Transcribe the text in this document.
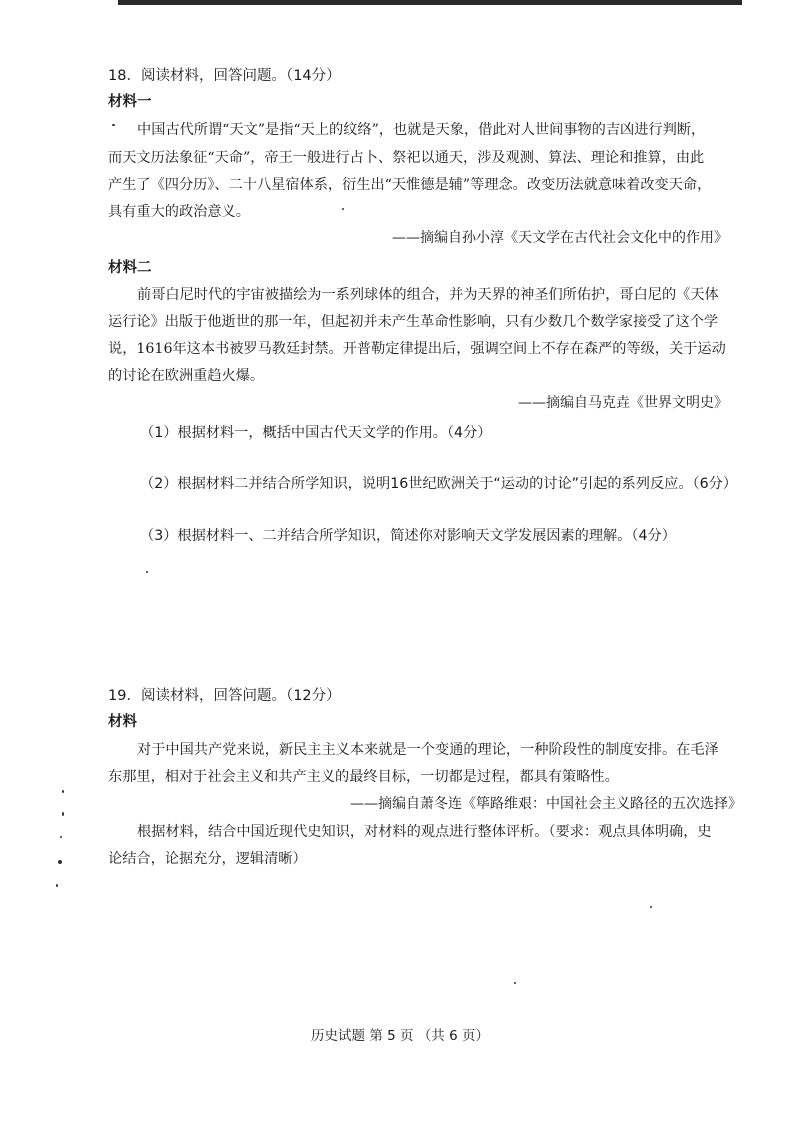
18．阅读材料，回答问题。（14分）
材料一
中国古代所谓“天文”是指“天上的纹络”，也就是天象，借此对人世间事物的吉凶进行判断，
而天文历法象征“天命”，帝王一般进行占卜、祭祀以通天，涉及观测、算法、理论和推算，由此
产生了《四分历》、二十八星宿体系，衍生出“天惟德是辅”等理念。改变历法就意味着改变天命，
具有重大的政治意义。
——摘编自孙小淳《天文学在古代社会文化中的作用》
材料二
前哥白尼时代的宇宙被描绘为一系列球体的组合，并为天界的神圣们所佑护，哥白尼的《天体
运行论》出版于他逝世的那一年，但起初并未产生革命性影响，只有少数几个数学家接受了这个学
说，1616年这本书被罗马教廷封禁。开普勒定律提出后，强调空间上不存在森严的等级，关于运动
的讨论在欧洲重趋火爆。
——摘编自马克垚《世界文明史》
（1）根据材料一，概括中国古代天文学的作用。（4分）
（2）根据材料二并结合所学知识，说明16世纪欧洲关于“运动的讨论”引起的系列反应。（6分）
（3）根据材料一、二并结合所学知识，简述你对影响天文学发展因素的理解。（4分）
19．阅读材料，回答问题。（12分）
材料
对于中国共产党来说，新民主主义本来就是一个变通的理论，一种阶段性的制度安排。在毛泽
东那里，相对于社会主义和共产主义的最终目标，一切都是过程，都具有策略性。
——摘编自萧冬连《筚路维艰：中国社会主义路径的五次选择》
根据材料，结合中国近现代史知识，对材料的观点进行整体评析。（要求：观点具体明确，史
论结合，论据充分，逻辑清晰）
历史试题 第 5 页 （共 6 页）
